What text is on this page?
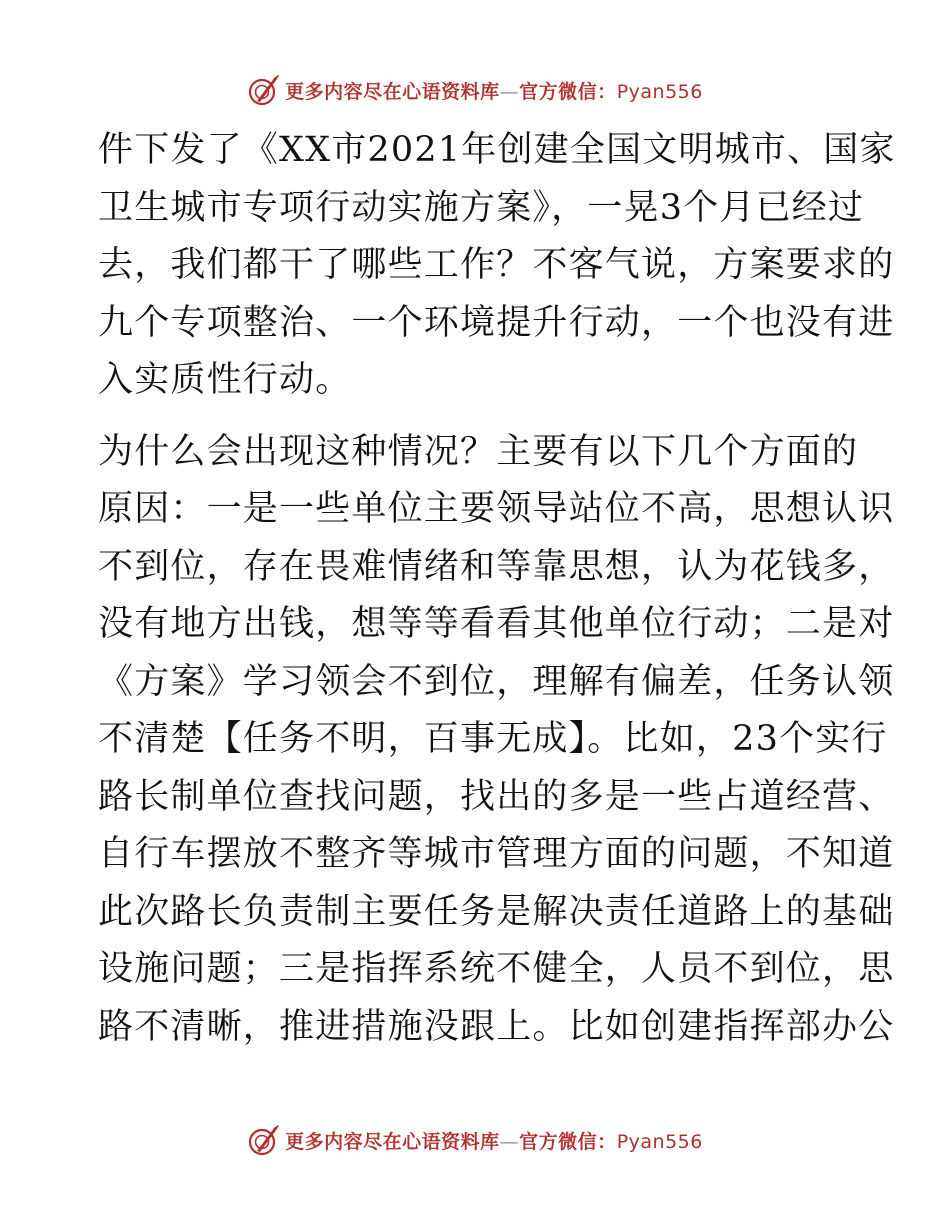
更多内容尽在心语资料库—官方微信：Pyan556

件下发了《XX市2021年创建全国文明城市、国家
卫生城市专项行动实施方案》，一晃3个月已经过
去，我们都干了哪些工作？不客气说，方案要求的
九个专项整治、一个环境提升行动，一个也没有进
入实质性行动。

为什么会出现这种情况？主要有以下几个方面的
原因：一是一些单位主要领导站位不高，思想认识
不到位，存在畏难情绪和等靠思想，认为花钱多，
没有地方出钱，想等等看看其他单位行动；二是对
《方案》学习领会不到位，理解有偏差，任务认领
不清楚【任务不明，百事无成】。比如，23个实行
路长制单位查找问题，找出的多是一些占道经营、
自行车摆放不整齐等城市管理方面的问题，不知道
此次路长负责制主要任务是解决责任道路上的基础
设施问题；三是指挥系统不健全，人员不到位，思
路不清晰，推进措施没跟上。比如创建指挥部办公

更多内容尽在心语资料库—官方微信：Pyan556
